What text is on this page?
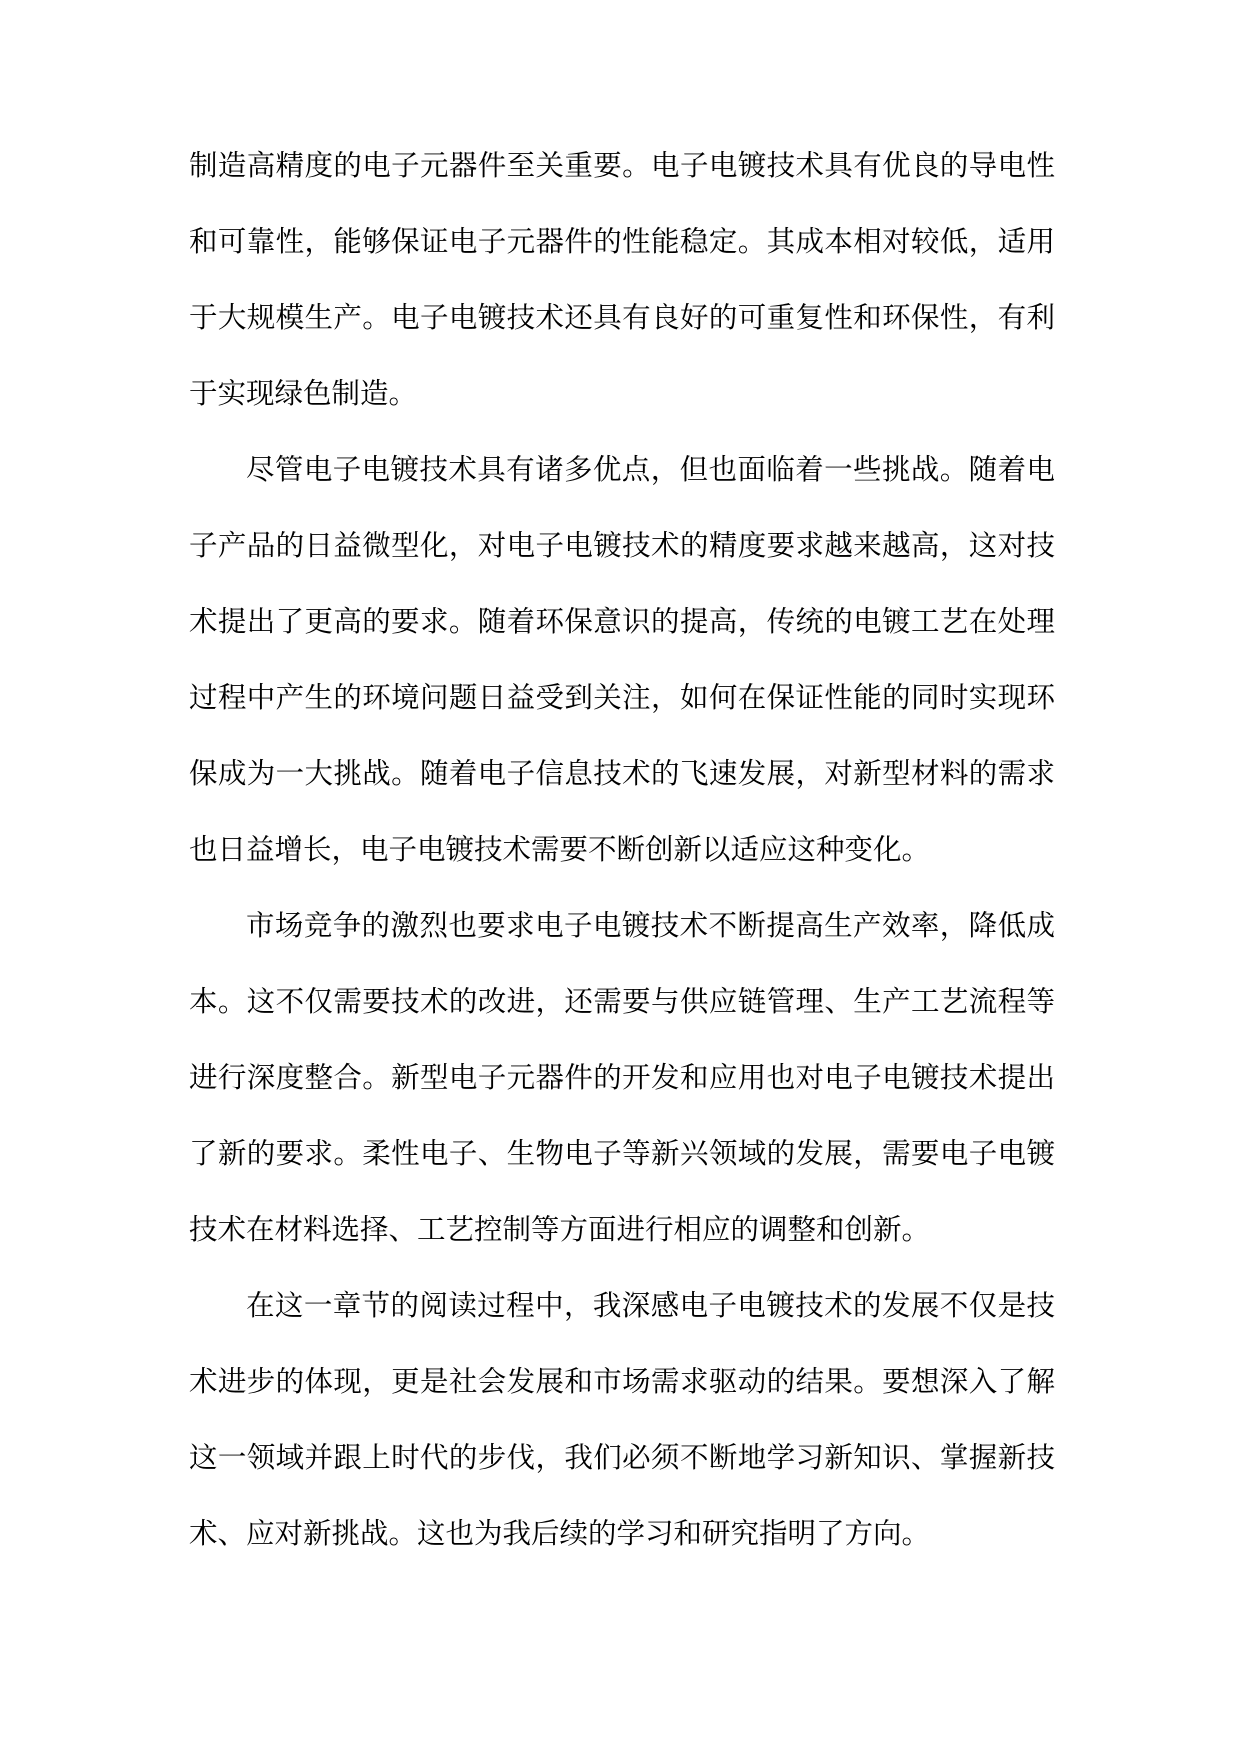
制造高精度的电子元器件至关重要。电子电镀技术具有优良的导电性
和可靠性，能够保证电子元器件的性能稳定。其成本相对较低，适用
于大规模生产。电子电镀技术还具有良好的可重复性和环保性，有利
于实现绿色制造。
尽管电子电镀技术具有诸多优点，但也面临着一些挑战。随着电
子产品的日益微型化，对电子电镀技术的精度要求越来越高，这对技
术提出了更高的要求。随着环保意识的提高，传统的电镀工艺在处理
过程中产生的环境问题日益受到关注，如何在保证性能的同时实现环
保成为一大挑战。随着电子信息技术的飞速发展，对新型材料的需求
也日益增长，电子电镀技术需要不断创新以适应这种变化。
市场竞争的激烈也要求电子电镀技术不断提高生产效率，降低成
本。这不仅需要技术的改进，还需要与供应链管理、生产工艺流程等
进行深度整合。新型电子元器件的开发和应用也对电子电镀技术提出
了新的要求。柔性电子、生物电子等新兴领域的发展，需要电子电镀
技术在材料选择、工艺控制等方面进行相应的调整和创新。
在这一章节的阅读过程中，我深感电子电镀技术的发展不仅是技
术进步的体现，更是社会发展和市场需求驱动的结果。要想深入了解
这一领域并跟上时代的步伐，我们必须不断地学习新知识、掌握新技
术、应对新挑战。这也为我后续的学习和研究指明了方向。
